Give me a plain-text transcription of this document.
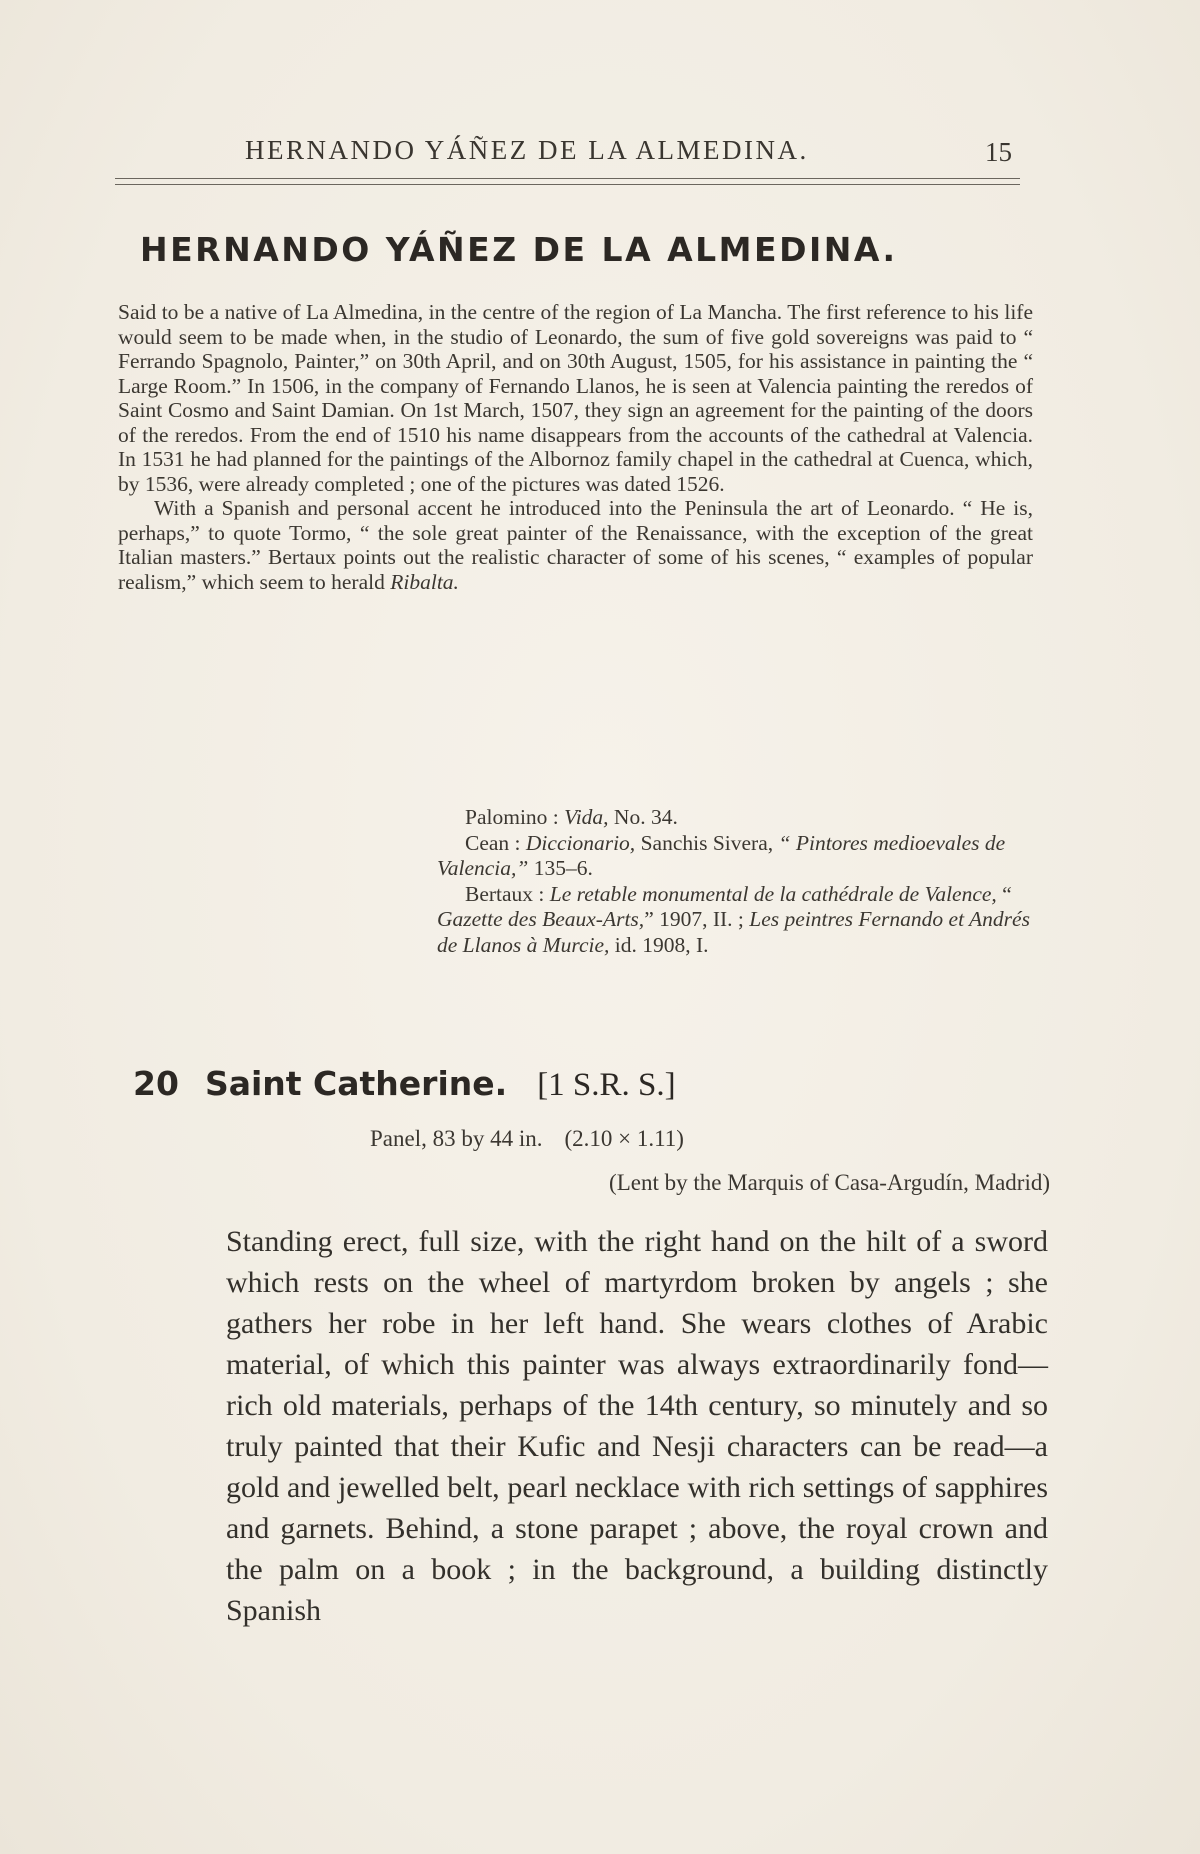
HERNANDO YÁÑEZ DE LA ALMEDINA.	15
HERNANDO YÁÑEZ DE LA ALMEDINA.

Said to be a native of La Almedina, in the centre of the region of La Mancha. The first reference to his life would seem to be made when, in the studio of Leonardo, the sum of five gold sovereigns was paid to “ Ferrando Spagnolo, Painter,” on 30th April, and on 30th August, 1505, for his assistance in painting the “ Large Room.” In 1506, in the company of Fernando Llanos, he is seen at Valencia painting the reredos of Saint Cosmo and Saint Damian. On 1st March, 1507, they sign an agreement for the painting of the doors of the reredos. From the end of 1510 his name disappears from the accounts of the cathedral at Valencia. In 1531 he had planned for the paintings of the Albornoz family chapel in the cathedral at Cuenca, which, by 1536, were already completed ; one of the pictures was dated 1526.

With a Spanish and personal accent he introduced into the Peninsula the art of Leonardo. “ He is, perhaps,” to quote Tormo, “ the sole great painter of the Renaissance, with the exception of the great Italian masters.” Bertaux points out the realistic character of some of his scenes, “ examples of popular realism,” which seem to herald Ribalta.

Palomino : Vida, No. 34.

Cean : Diccionario, Sanchis Sivera, “ Pintores medioevales de Valencia,” 135–6.

Bertaux : Le retable monumental de la cathédrale de Valence, “ Gazette des Beaux-Arts,” 1907, II. ; Les peintres Fernando et Andrés de Llanos à Murcie, id. 1908, I.

20 Saint Catherine. [1 S.R. S.]
Panel, 83 by 44 in. (2.10 × 1.11)
(Lent by the Marquis of Casa-Argudín, Madrid)

Standing erect, full size, with the right hand on the hilt of a sword which rests on the wheel of martyrdom broken by angels ; she gathers her robe in her left hand. She wears clothes of Arabic material, of which this painter was always extraordinarily fond—rich old materials, perhaps of the 14th century, so minutely and so truly painted that their Kufic and Nesji characters can be read—a gold and jewelled belt, pearl necklace with rich settings of sapphires and garnets. Behind, a stone parapet ; above, the royal crown and the palm on a book ; in the background, a building distinctly Spanish
